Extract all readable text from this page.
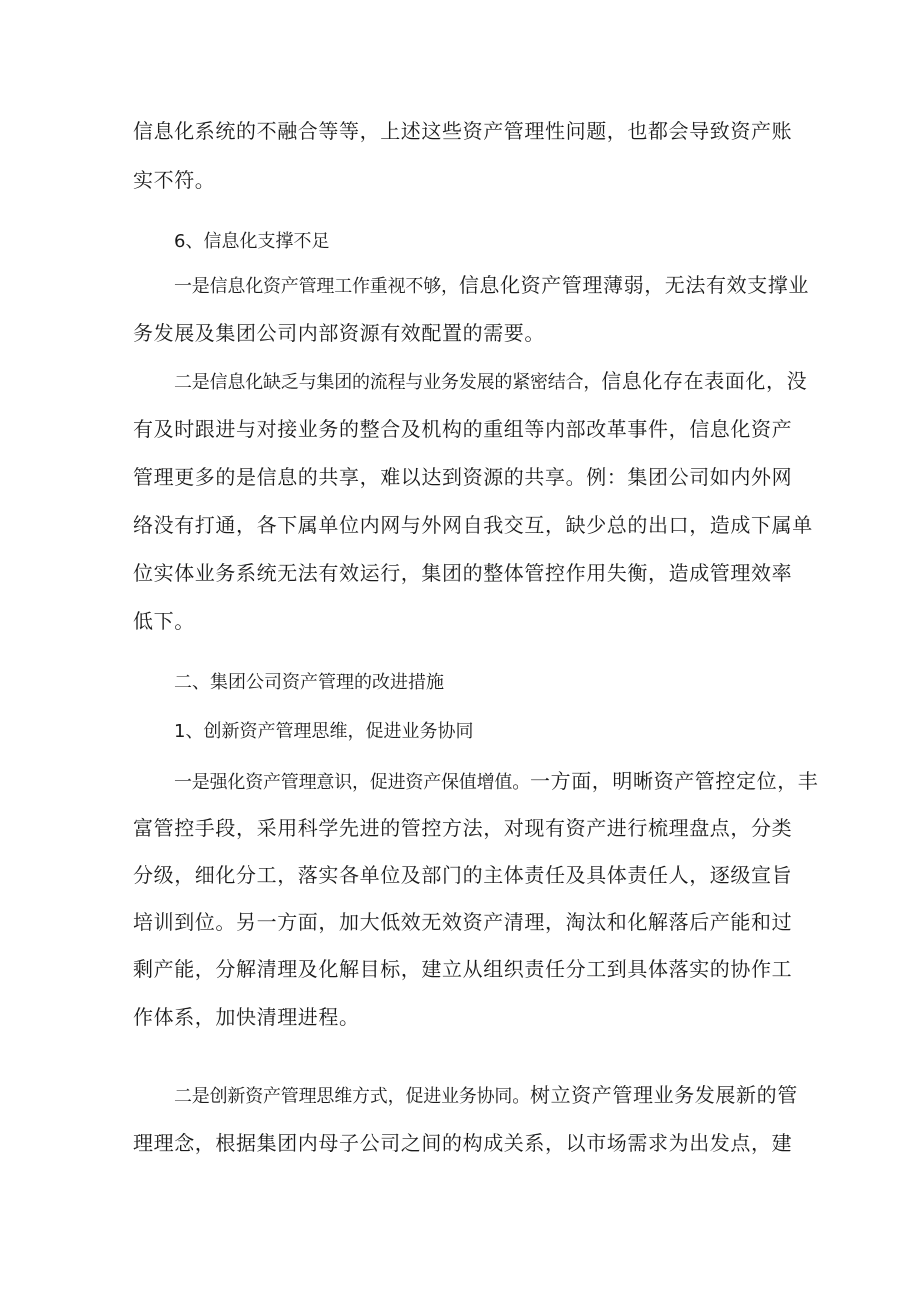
信息化系统的不融合等等，上述这些资产管理性问题，也都会导致资产账
实不符。
6、信息化支撑不足
一是信息化资产管理工作重视不够，信息化资产管理薄弱，无法有效支撑业
务发展及集团公司内部资源有效配置的需要。
二是信息化缺乏与集团的流程与业务发展的紧密结合，信息化存在表面化，没
有及时跟进与对接业务的整合及机构的重组等内部改革事件，信息化资产
管理更多的是信息的共享，难以达到资源的共享。例：集团公司如内外网
络没有打通，各下属单位内网与外网自我交互，缺少总的出口，造成下属单
位实体业务系统无法有效运行，集团的整体管控作用失衡，造成管理效率
低下。
二、集团公司资产管理的改进措施
1、创新资产管理思维，促进业务协同
一是强化资产管理意识，促进资产保值增值。一方面，明晰资产管控定位，丰
富管控手段，采用科学先进的管控方法，对现有资产进行梳理盘点，分类
分级，细化分工，落实各单位及部门的主体责任及具体责任人，逐级宣旨
培训到位。另一方面，加大低效无效资产清理，淘汰和化解落后产能和过
剩产能，分解清理及化解目标，建立从组织责任分工到具体落实的协作工
作体系，加快清理进程。
二是创新资产管理思维方式，促进业务协同。树立资产管理业务发展新的管
理理念，根据集团内母子公司之间的构成关系，以市场需求为出发点，建
